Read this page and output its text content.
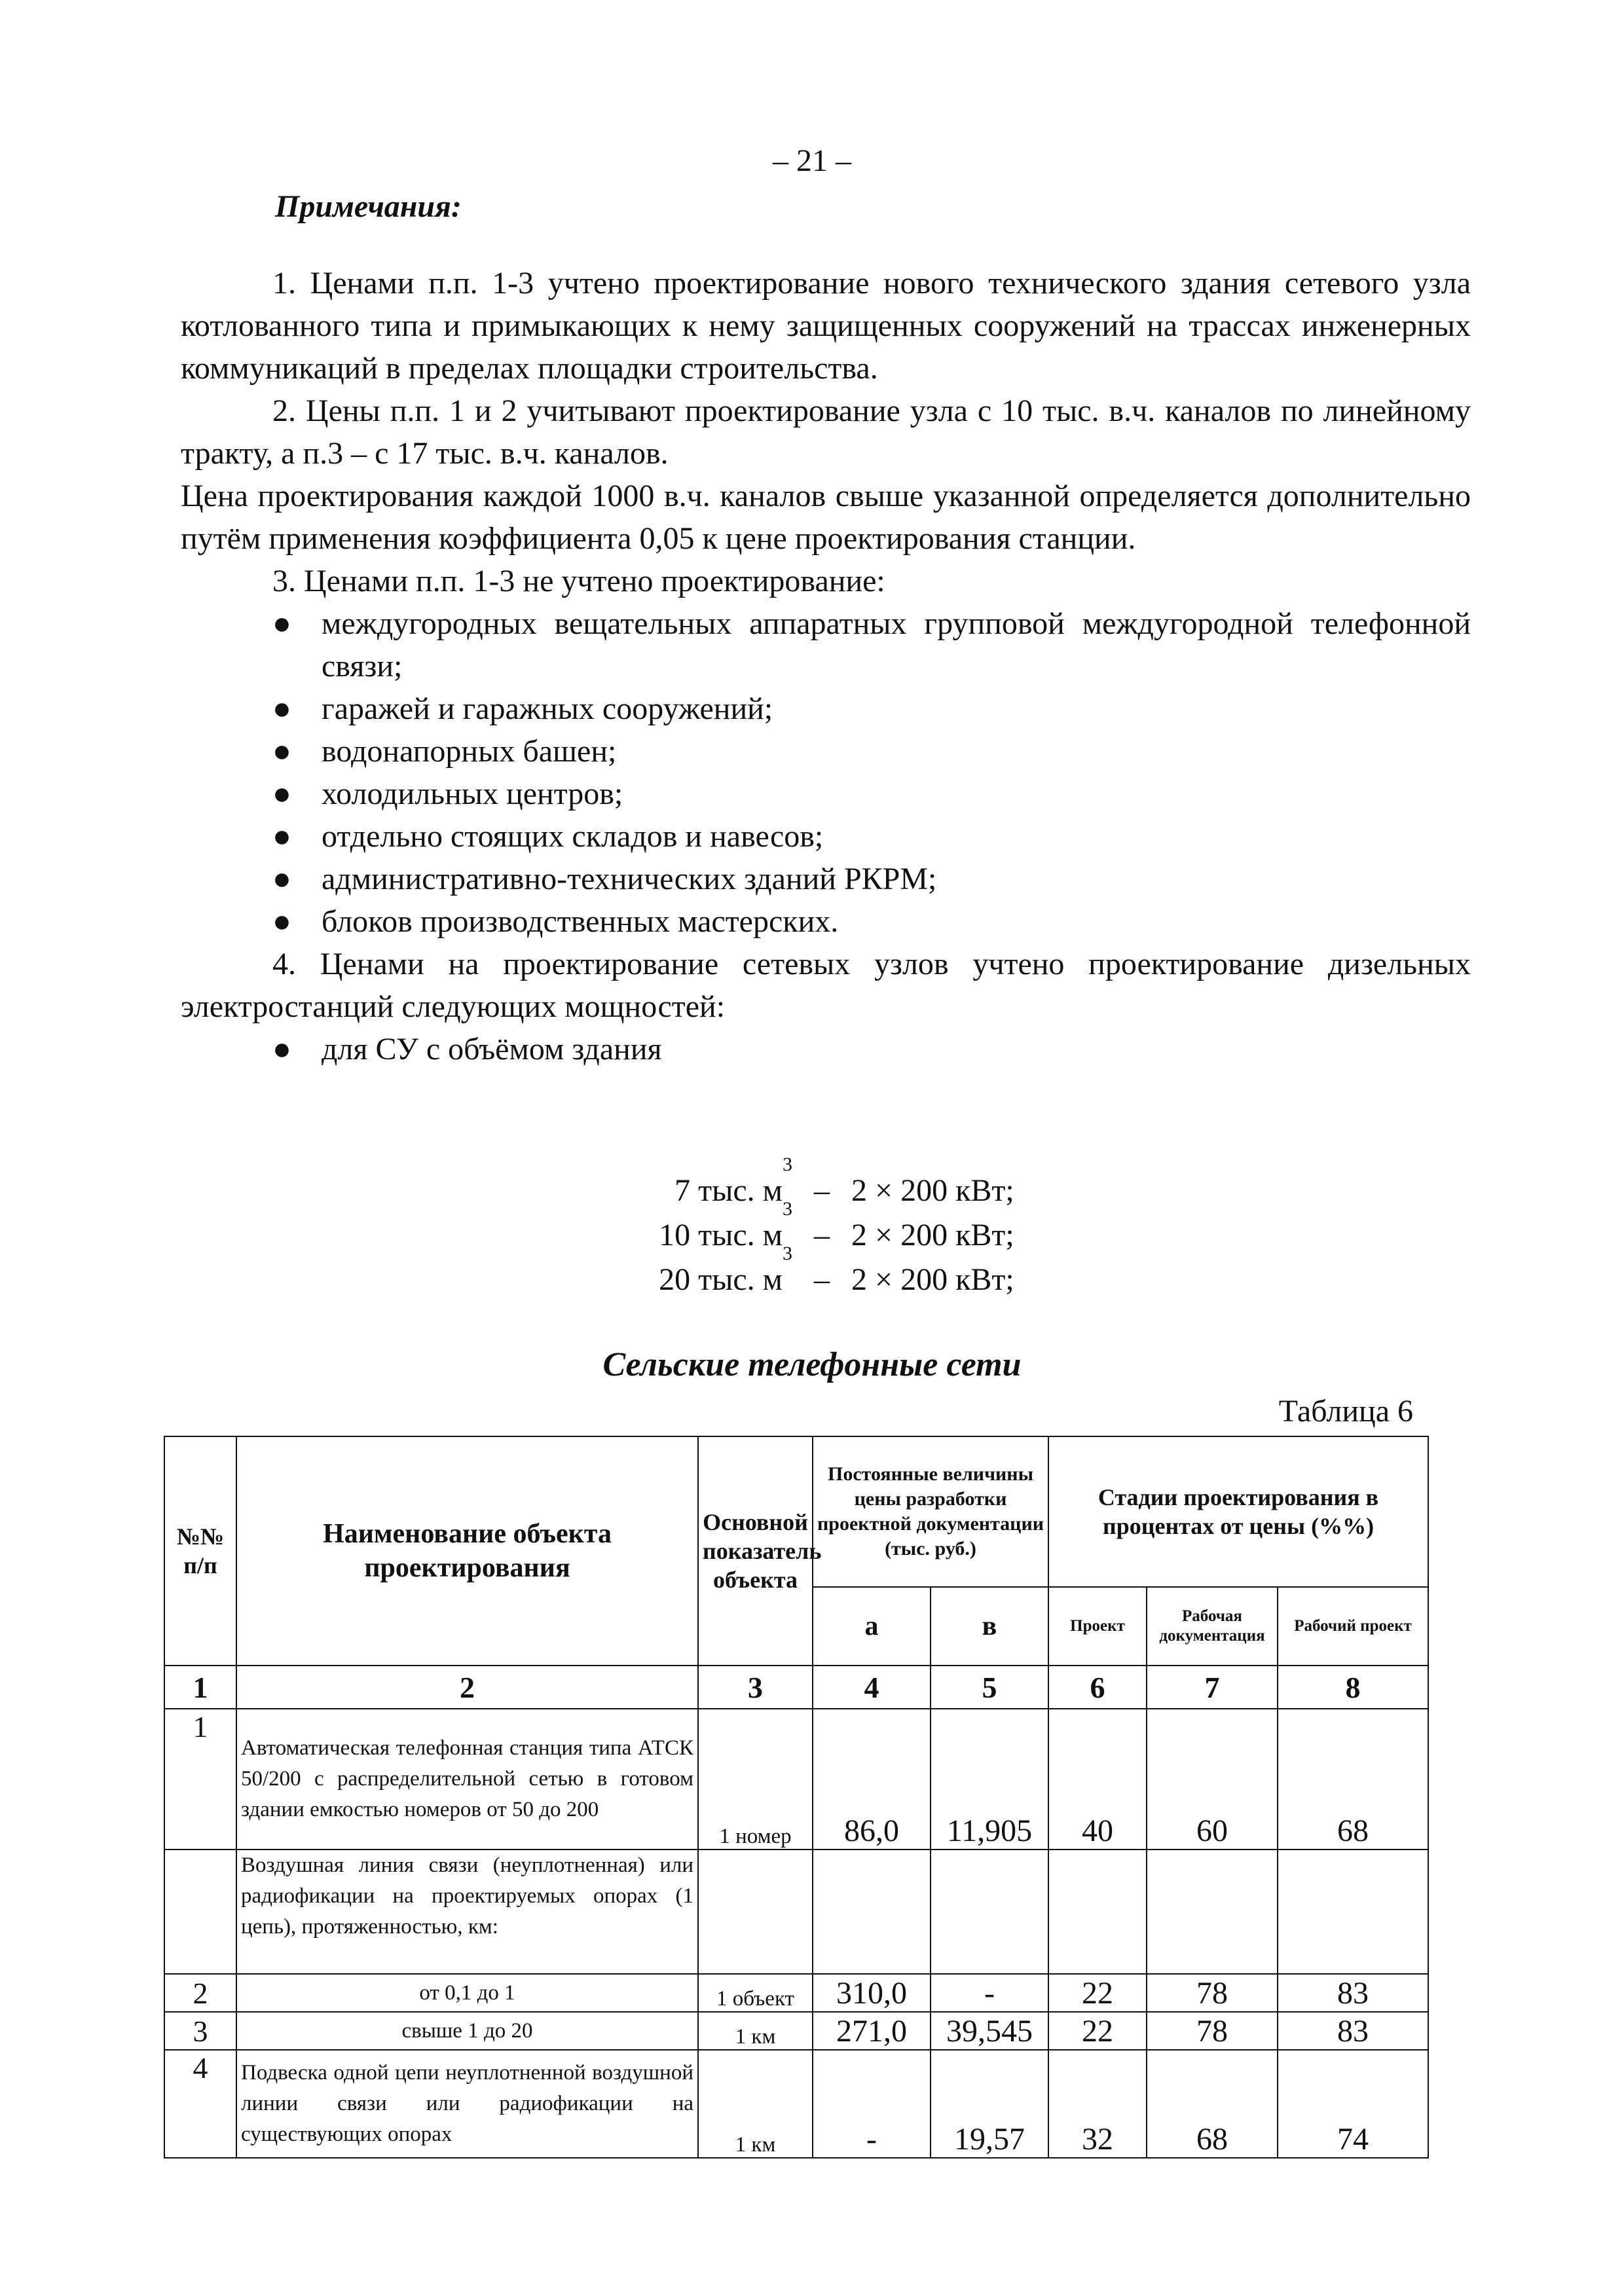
– 21 –
Примечания:

1. Ценами п.п. 1-3 учтено проектирование нового технического здания сетевого узла котлованного типа и примыкающих к нему защищенных сооружений на трассах инженерных коммуникаций в пределах площадки строительства.

2. Цены п.п. 1 и 2 учитывают проектирование узла с 10 тыс. в.ч. каналов по линейному тракту, а п.3 – с 17 тыс. в.ч. каналов.

Цена проектирования каждой 1000 в.ч. каналов свыше указанной определяется дополнительно путём применения коэффициента 0,05 к цене проектирования станции.

3. Ценами п.п. 1-3 не учтено проектирование:

● междугородных вещательных аппаратных групповой междугородной телефонной связи;
● гаражей и гаражных сооружений;
● водонапорных башен;
● холодильных центров;
● отдельно стоящих складов и навесов;
● административно-технических зданий РКРМ;
● блоков производственных мастерских.

4. Ценами на проектирование сетевых узлов учтено проектирование дизельных электростанций следующих мощностей:

● для СУ с объёмом здания
7 тыс. $м^3$
– 2 × 200 кВт;
10 тыс. $м^3$
– 2 × 200 кВт;
20 тыс. $м^3$
– 2 × 200 кВт;
Сельские телефонные сети
Таблица 6
№№ п/п	Наименование объекта проектирования	Основной показатель объекта	Постоянные величины цены разработки проектной документации (тыс. руб.)		Стадии проектирования в процентах от цены (%%)		
			а	в	Проект	Рабочая документация	Рабочий проект
1	2	3	4	5	6	7	8
1	Автоматическая телефонная станция типа АТСК 50/200 с распределительной сетью в готовом здании емкостью номеров от 50 до 200	1 номер	86,0	11,905	40	60	68
	Воздушная линия связи (неуплотненная) или радиофикации на проектируемых опорах (1 цепь), протяженностью, км:						
2	от 0,1 до 1	1 объект	310,0	-	22	78	83
3	свыше 1 до 20	1 км	271,0	39,545	22	78	83
4	Подвеска одной цепи неуплотненной воздушной линии связи или радиофикации на существующих опорах	1 км	-	19,57	32	68	74
